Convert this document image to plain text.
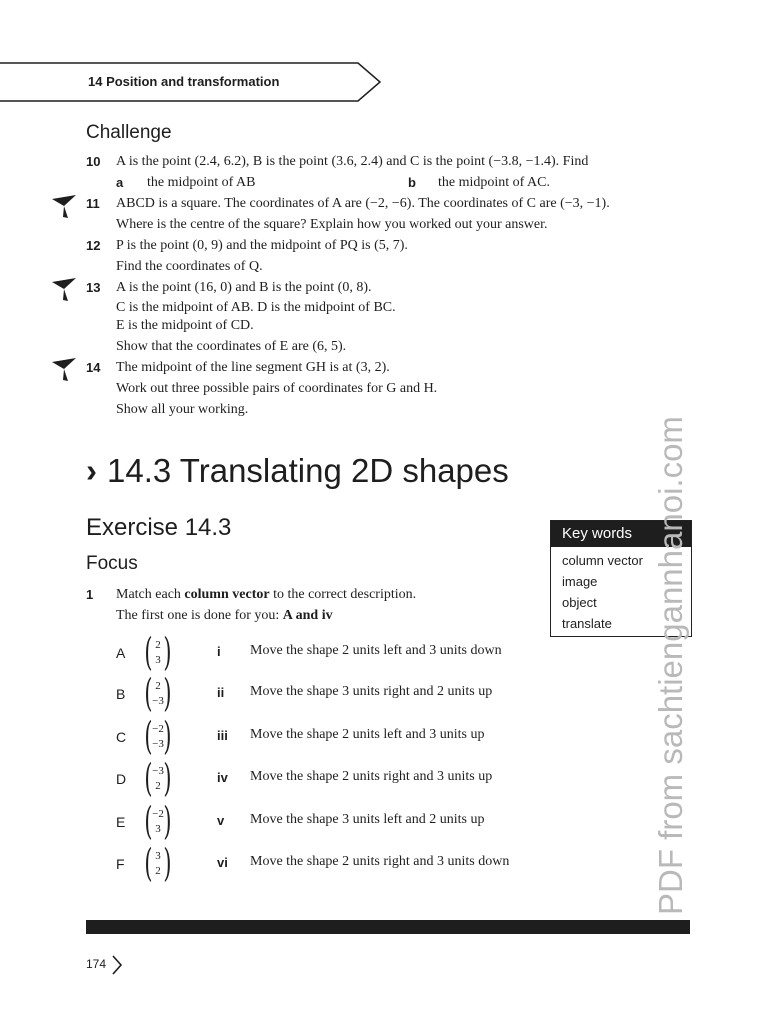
14 Position and transformation
Challenge
10 A is the point (2.4, 6.2), B is the point (3.6, 2.4) and C is the point (−3.8, −1.4). Find
a the midpoint of AB	b the midpoint of AC.
11 ABCD is a square. The coordinates of A are (−2, −6). The coordinates of C are (−3, −1).
Where is the centre of the square? Explain how you worked out your answer.
12 P is the point (0, 9) and the midpoint of PQ is (5, 7).
Find the coordinates of Q.
13 A is the point (16, 0) and B is the point (0, 8).
C is the midpoint of AB. D is the midpoint of BC.
E is the midpoint of CD.
Show that the coordinates of E are (6, 5).
14 The midpoint of the line segment GH is at (3, 2).
Work out three possible pairs of coordinates for G and H.
Show all your working.
› 14.3 Translating 2D shapes
Exercise 14.3
Focus
Key words
column vector
image
object
translate
1 Match each column vector to the correct description.
The first one is done for you: A and iv
A ( )
2
3
i Move the shape 2 units left and 3 units down
B ( )
2
−3
ii Move the shape 3 units right and 2 units up
C ( )
−2
−3
iii Move the shape 2 units left and 3 units up
D ( )
−3
2
iv Move the shape 2 units right and 3 units up
E ( )
−2
3
v Move the shape 3 units left and 2 units up
F ( )
3
2
vi Move the shape 2 units right and 3 units down	PDF from sachtiengannhanoi.com
174
